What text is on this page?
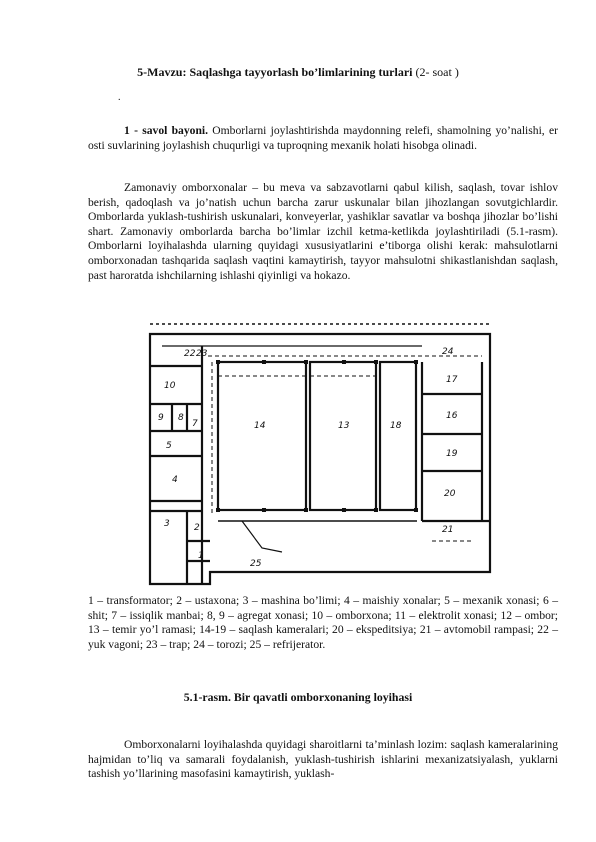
5-Mavzu: Saqlashga tayyorlash bo’limlarining turlari (2- soat )
.

1 - savol bayoni. Omborlarni joylashtirishda maydonning relefi, shamolning yo’nalishi, er osti suvlarining joylashish chuqurligi va tuproqning mexanik holati hisobga olinadi.

Zamonaviy omborxonalar – bu meva va sabzavotlarni qabul kilish, saqlash, tovar ishlov berish, qadoqlash va jo’natish uchun barcha zarur uskunalar bilan jihozlangan sovutgichlardir. Omborlarda yuklash-tushirish uskunalari, konveyerlar, yashiklar savatlar va boshqa jihozlar bo’lishi shart. Zamonaviy omborlarda barcha bo’limlar izchil ketma-ketlikda joylashtiriladi (5.1-rasm). Omborlarni loyihalashda ularning quyidagi xususiyatlarini e’tiborga olishi kerak: mahsulotlarni omborxonadan tashqarida saqlash vaqtini kamaytirish, tayyor mahsulotni shikastlanishdan saqlash, past haroratda ishchilarning ishlashi qiyinligi va hokazo.

22 23	24
10
9 8
7	14	13	18
17
16
19
5
20
4
3	2
1
21
25

1 – transformator; 2 – ustaxona; 3 – mashina bo’limi; 4 – maishiy xonalar; 5 – mexanik xonasi; 6 – shit; 7 – issiqlik manbai; 8, 9 – agregat xonasi; 10 – omborxona; 11 – elektrolit xonasi; 12 – ombor; 13 – temir yo’l ramasi; 14-19 – saqlash kameralari; 20 – ekspeditsiya; 21 – avtomobil rampasi; 22 – yuk vagoni; 23 – trap; 24 – torozi; 25 – refrijerator.

5.1-rasm. Bir qavatli omborxonaning loyihasi

Omborxonalarni loyihalashda quyidagi sharoitlarni ta’minlash lozim: saqlash kameralarining hajmidan to’liq va samarali foydalanish, yuklash-tushirish ishlarini mexanizatsiyalash, yuklarni tashish yo’llarining masofasini kamaytirish, yuklash-
